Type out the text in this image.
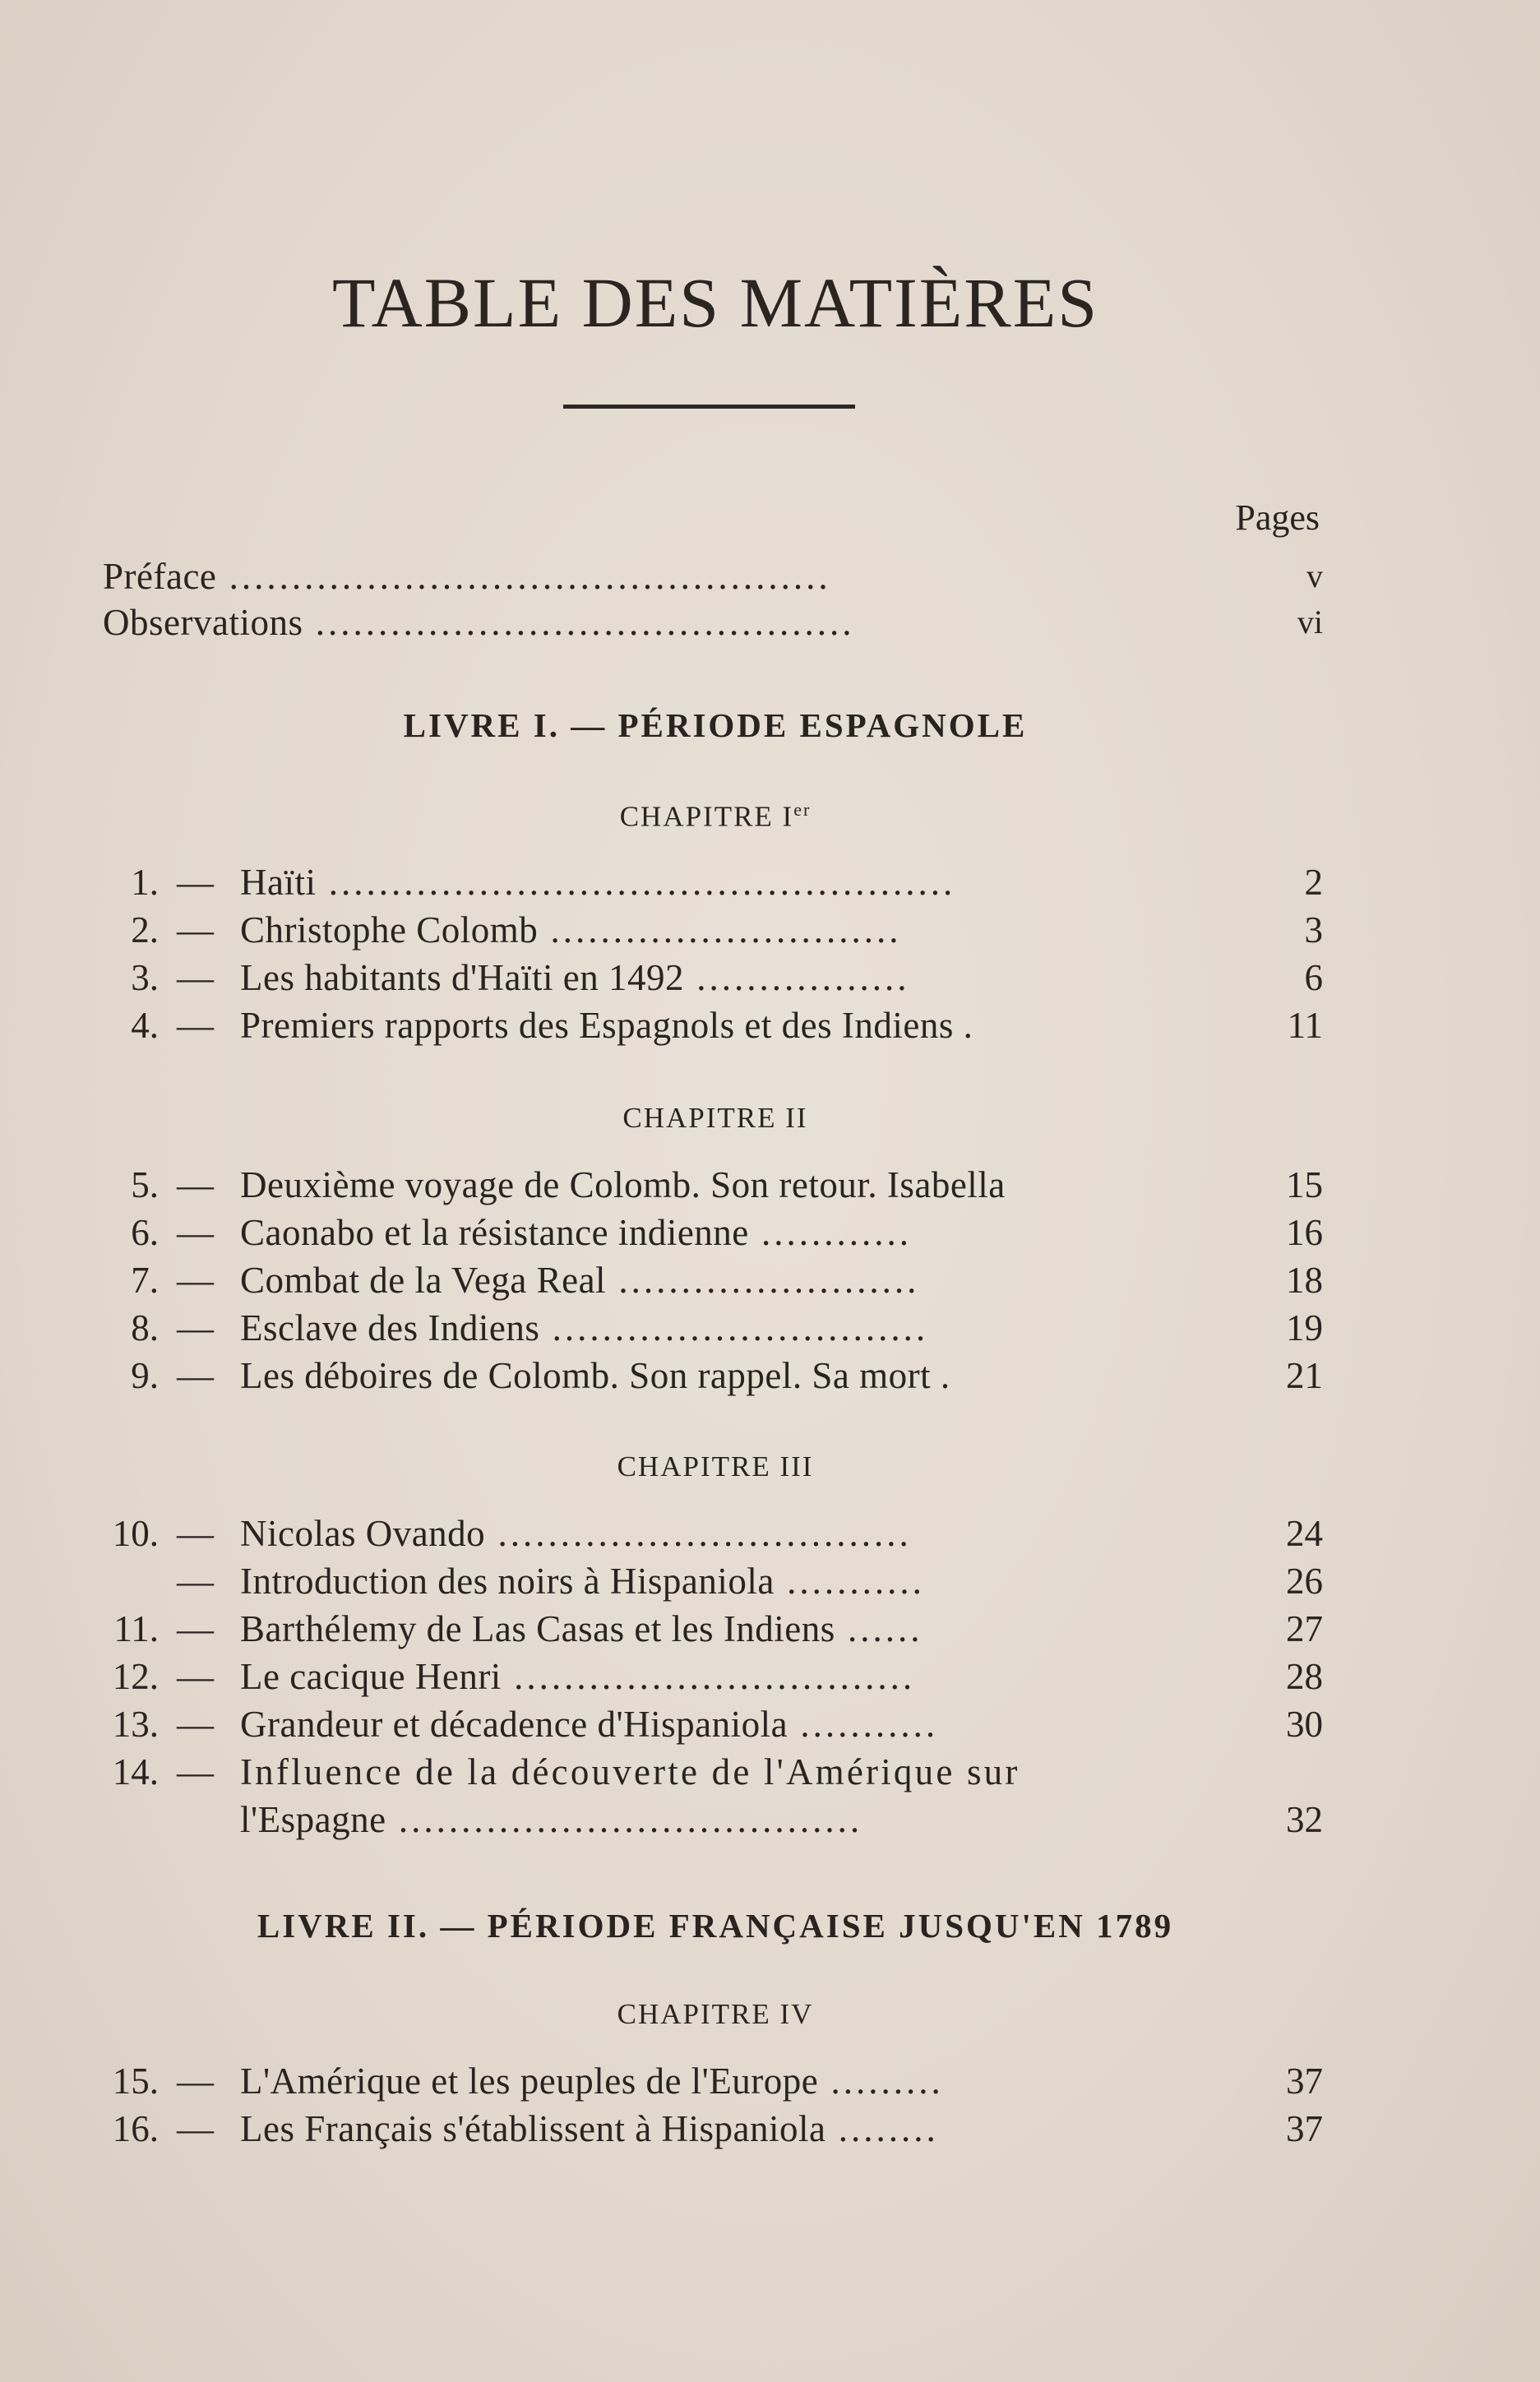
TABLE DES MATIÈRES
Pages
Préface ................................................	v
Observations ...........................................	vi
LIVRE I. — PÉRIODE ESPAGNOLE
CHAPITRE Ier
1. — Haïti ..................................................	2
2. — Christophe Colomb ............................	3
3. — Les habitants d'Haïti en 1492 .................	6
4. — Premiers rapports des Espagnols et des Indiens .	11
CHAPITRE II
5. — Deuxième voyage de Colomb. Son retour. Isabella	15
6. — Caonabo et la résistance indienne ............	16
7. — Combat de la Vega Real ........................	18
8. — Esclave des Indiens ..............................	19
9. — Les déboires de Colomb. Son rappel. Sa mort .	21
CHAPITRE III
10. — Nicolas Ovando .................................	24
— Introduction des noirs à Hispaniola ...........	26
11. — Barthélemy de Las Casas et les Indiens ......	27
12. — Le cacique Henri ................................	28
13. — Grandeur et décadence d'Hispaniola ...........	30
14. — Influence de la découverte de l'Amérique sur
l'Espagne .....................................	32
LIVRE II. — PÉRIODE FRANÇAISE JUSQU'EN 1789
CHAPITRE IV
15. — L'Amérique et les peuples de l'Europe .........	37
16. — Les Français s'établissent à Hispaniola ........	37
